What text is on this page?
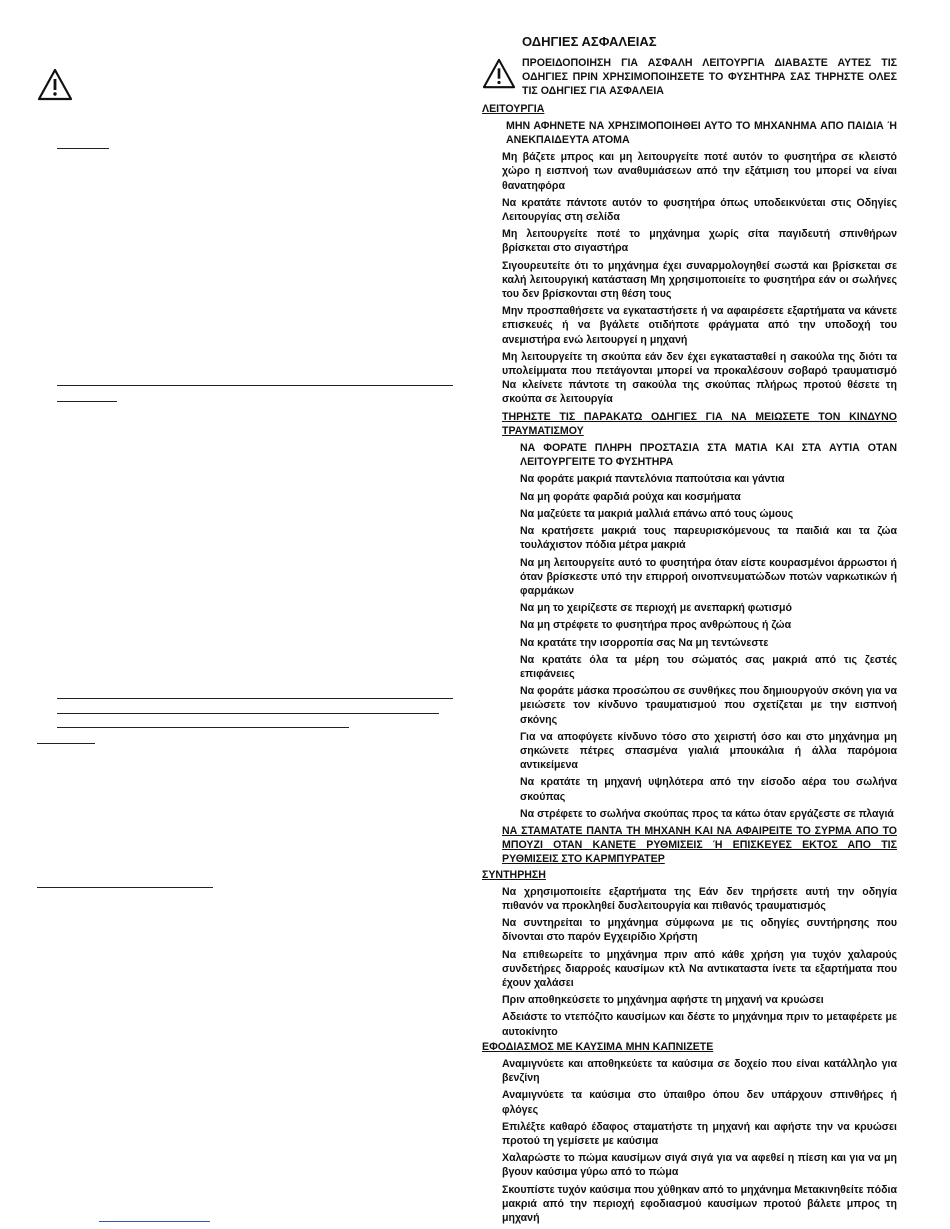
ΟΔΗΓΙΕΣ ΑΣΦΑΛΕΙΑΣ
ΠΡΟΕΙΔΟΠΟΙΗΣΗ ΓΙΑ ΑΣΦΑΛΗ ΛΕΙΤΟΥΡΓΙΑ ΔΙΑΒΑΣΤΕ ΑΥΤΕΣ ΤΙΣ ΟΔΗΓΙΕΣ ΠΡΙΝ ΧΡΗΣΙΜΟΠΟΙΗΣΕΤΕ ΤΟ ΦΥΣΗΤΗΡΑ ΣΑΣ ΤΗΡΗΣΤΕ ΟΛΕΣ ΤΙΣ ΟΔΗΓΙΕΣ ΓΙΑ ΑΣΦΑΛΕΙΑ
ΛΕΙΤΟΥΡΓΙΑ
ΜΗΝ ΑΦΗΝΕΤΕ ΝΑ ΧΡΗΣΙΜΟΠΟΙΗΘΕΙ ΑΥΤΟ ΤΟ ΜΗΧΑΝΗΜΑ ΑΠΟ ΠΑΙΔΙΑ Ή ΑΝΕΚΠΑΙΔΕΥΤΑ ΑΤΟΜΑ
Μη βάζετε μπρος και μη λειτουργείτε ποτέ αυτόν το φυσητήρα σε κλειστό χώρο η εισπνοή των αναθυμιάσεων από την εξάτμιση του μπορεί να είναι θανατηφόρα
Να κρατάτε πάντοτε αυτόν το φυσητήρα όπως υποδεικνύεται στις Οδηγίες Λειτουργίας στη σελίδα
Μη λειτουργείτε ποτέ το μηχάνημα χωρίς σίτα παγιδευτή σπινθήρων βρίσκεται στο σιγαστήρα
Σιγουρευτείτε ότι το μηχάνημα έχει συναρμολογηθεί σωστά και βρίσκεται σε καλή λειτουργική κατάσταση Μη χρησιμοποιείτε το φυσητήρα εάν οι σωλήνες του δεν βρίσκονται στη θέση τους
Μην προσπαθήσετε να εγκαταστήσετε ή να αφαιρέσετε εξαρτήματα να κάνετε επισκευές ή να βγάλετε οτιδήποτε φράγματα από την υποδοχή του ανεμιστήρα ενώ λειτουργεί η μηχανή
Μη λειτουργείτε τη σκούπα εάν δεν έχει εγκατασταθεί η σακούλα της διότι τα υπολείμματα που πετάγονται μπορεί να προκαλέσουν σοβαρό τραυματισμό Να κλείνετε πάντοτε τη σακούλα της σκούπας πλήρως προτού θέσετε τη σκούπα σε λειτουργία
ΤΗΡΗΣΤΕ ΤΙΣ ΠΑΡΑΚΑΤΩ ΟΔΗΓΙΕΣ ΓΙΑ ΝΑ ΜΕΙΩΣΕΤΕ ΤΟΝ ΚΙΝΔΥΝΟ ΤΡΑΥΜΑΤΙΣΜΟΥ
ΝΑ ΦΟΡΑΤΕ ΠΛΗΡΗ ΠΡΟΣΤΑΣΙΑ ΣΤΑ ΜΑΤΙΑ ΚΑΙ ΣΤΑ ΑΥΤΙΑ ΟΤΑΝ ΛΕΙΤΟΥΡΓΕΙΤΕ ΤΟ ΦΥΣΗΤΗΡΑ
Να φοράτε μακριά παντελόνια παπούτσια και γάντια
Να μη φοράτε φαρδιά ρούχα και κοσμήματα
Να μαζεύετε τα μακριά μαλλιά επάνω από τους ώμους
Να κρατήσετε μακριά τους παρευρισκόμενους τα παιδιά και τα ζώα τουλάχιστον πόδια μέτρα μακριά
Να μη λειτουργείτε αυτό το φυσητήρα όταν είστε κουρασμένοι άρρωστοι ή όταν βρίσκεστε υπό την επιρροή οινοπνευματώδων ποτών ναρκωτικών ή φαρμάκων
Να μη το χειρίζεστε σε περιοχή με ανεπαρκή φωτισμό
Να μη στρέφετε το φυσητήρα προς ανθρώπους ή ζώα
Να κρατάτε την ισορροπία σας Να μη τεντώνεστε
Να κρατάτε όλα τα μέρη του σώματός σας μακριά από τις ζεστές επιφάνειες
Να φοράτε μάσκα προσώπου σε συνθήκες που δημιουργούν σκόνη για να μειώσετε τον κίνδυνο τραυματισμού που σχετίζεται με την εισπνοή σκόνης
Για να αποφύγετε κίνδυνο τόσο στο χειριστή όσο και στο μηχάνημα μη σηκώνετε πέτρες σπασμένα γιαλιά μπουκάλια ή άλλα παρόμοια αντικείμενα
Να κρατάτε τη μηχανή υψηλότερα από την είσοδο αέρα του σωλήνα σκούπας
Να στρέφετε το σωλήνα σκούπας προς τα κάτω όταν εργάζεστε σε πλαγιά
ΝΑ ΣΤΑΜΑΤΑΤΕ ΠΑΝΤΑ ΤΗ ΜΗΧΑΝΗ ΚΑΙ ΝΑ ΑΦΑΙΡΕΙΤΕ ΤΟ ΣΥΡΜΑ ΑΠΟ ΤΟ ΜΠΟΥΖΙ ΟΤΑΝ ΚΑΝΕΤΕ ΡΥΘΜΙΣΕΙΣ Ή ΕΠΙΣΚΕΥΕΣ ΕΚΤΟΣ ΑΠΟ ΤΙΣ ΡΥΘΜΙΣΕΙΣ ΣΤΟ ΚΑΡΜΠΥΡΑΤΕΡ
ΣΥΝΤΗΡΗΣΗ
Να χρησιμοποιείτε εξαρτήματα της Εάν δεν τηρήσετε αυτή την οδηγία πιθανόν να προκληθεί δυσλειτουργία και πιθανός τραυματισμός
Να συντηρείται το μηχάνημα σύμφωνα με τις οδηγίες συντήρησης που δίνονται στο παρόν Εγχειρίδιο Χρήστη
Να επιθεωρείτε το μηχάνημα πριν από κάθε χρήση για τυχόν χαλαρούς συνδετήρες διαρροές καυσίμων κτλ Να αντικαταστα ίνετε τα εξαρτήματα που έχουν χαλάσει
Πριν αποθηκεύσετε το μηχάνημα αφήστε τη μηχανή να κρυώσει
Αδειάστε το ντεπόζιτο καυσίμων και δέστε το μηχάνημα πριν το μεταφέρετε με αυτοκίνητο
ΕΦΟΔΙΑΣΜΟΣ ΜΕ ΚΑΥΣΙΜΑ ΜΗΝ ΚΑΠΝΙΖΕΤΕ
Αναμιγνύετε και αποθηκεύετε τα καύσιμα σε δοχείο που είναι κατάλληλο για βενζίνη
Αναμιγνύετε τα καύσιμα στο ύπαιθρο όπου δεν υπάρχουν σπινθήρες ή φλόγες
Επιλέξτε καθαρό έδαφος σταματήστε τη μηχανή και αφήστε την να κρυώσει προτού τη γεμίσετε με καύσιμα
Χαλαρώστε το πώμα καυσίμων σιγά σιγά για να αφεθεί η πίεση και για να μη βγουν καύσιμα γύρω από το πώμα
Σκουπίστε τυχόν καύσιμα που χύθηκαν από το μηχάνημα Μετακινηθείτε πόδια μακριά από την περιοχή εφοδιασμού καυσίμων προτού βάλετε μπρος τη μηχανή
